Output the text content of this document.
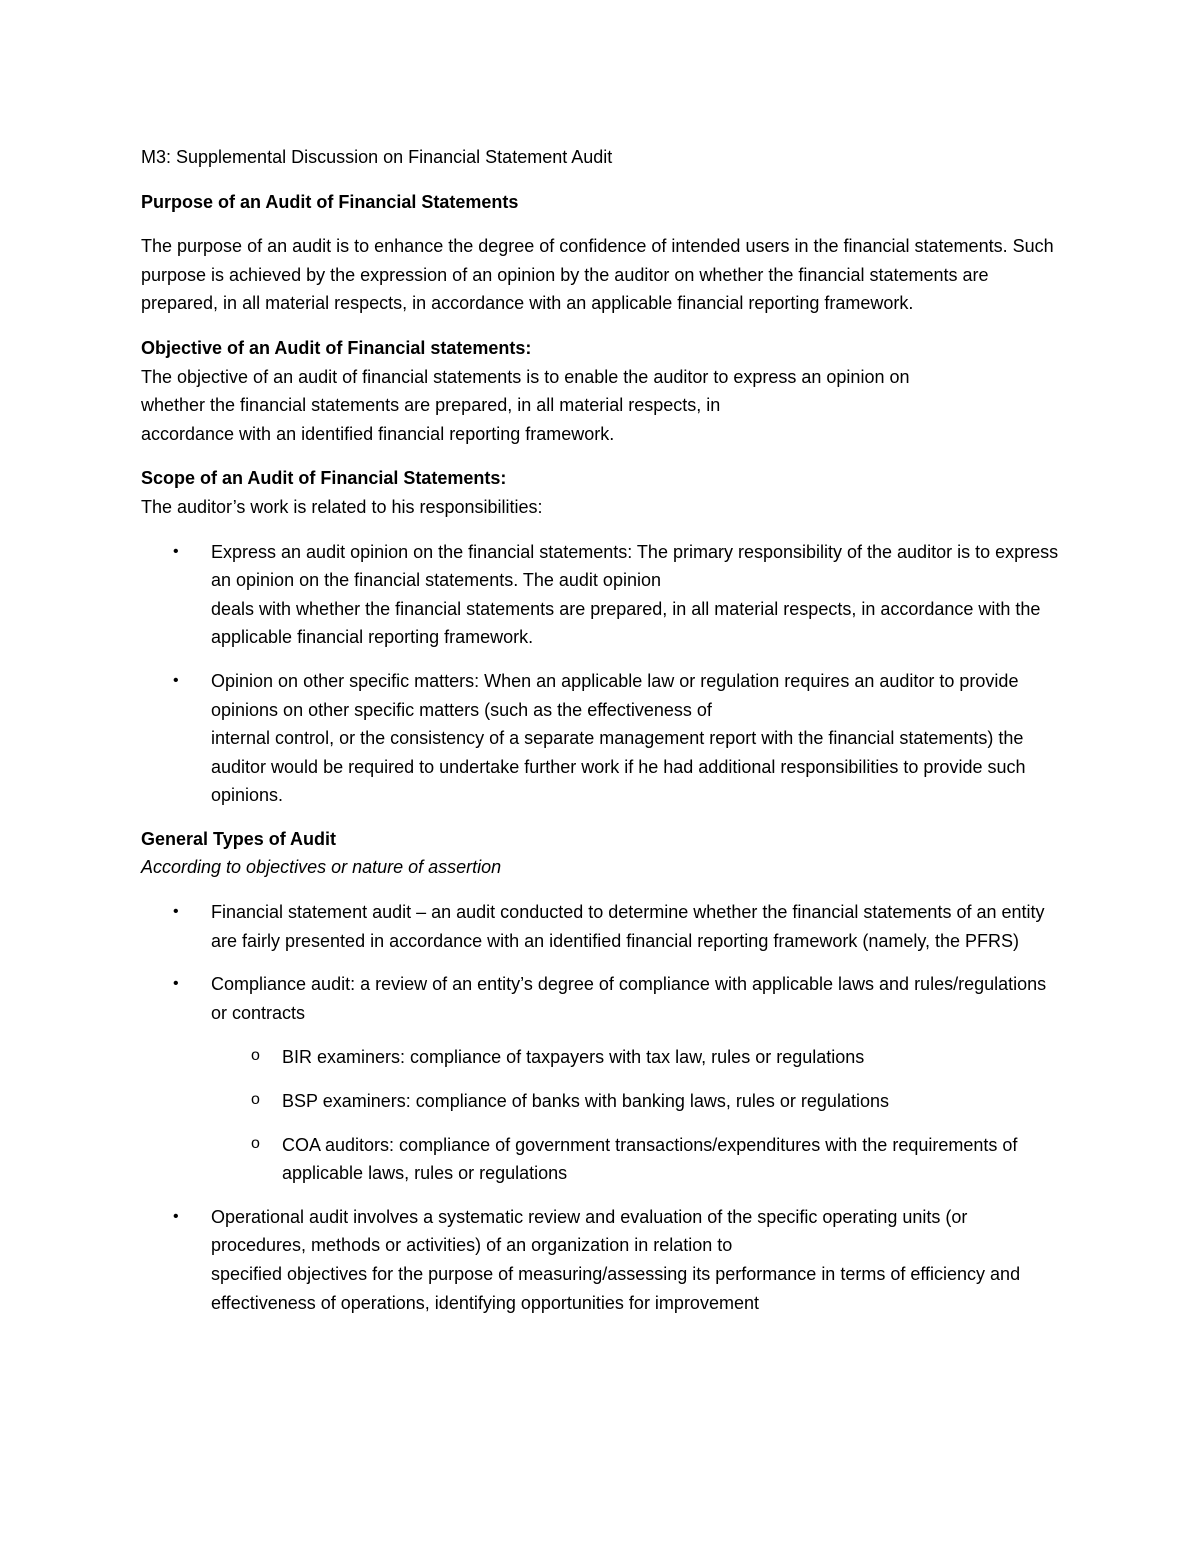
M3: Supplemental Discussion on Financial Statement Audit

Purpose of an Audit of Financial Statements

The purpose of an audit is to enhance the degree of confidence of intended users in the financial statements. Such purpose is achieved by the expression of an opinion by the auditor on whether the financial statements are prepared, in all material respects, in accordance with an applicable financial reporting framework.

Objective of an Audit of Financial statements:

The objective of an audit of financial statements is to enable the auditor to express an opinion on

whether the financial statements are prepared, in all material respects, in

accordance with an identified financial reporting framework.

Scope of an Audit of Financial Statements:

The auditor’s work is related to his responsibilities:

• Express an audit opinion on the financial statements: The primary responsibility of the auditor is to express an opinion on the financial statements. The audit opinion
deals with whether the financial statements are prepared, in all material respects, in accordance with the applicable financial reporting framework.
• Opinion on other specific matters: When an applicable law or regulation requires an auditor to provide opinions on other specific matters (such as the effectiveness of
internal control, or the consistency of a separate management report with the financial statements) the auditor would be required to undertake further work if he had additional responsibilities to provide such opinions.

General Types of Audit

According to objectives or nature of assertion

• Financial statement audit – an audit conducted to determine whether the financial statements of an entity are fairly presented in accordance with an identified financial reporting framework (namely, the PFRS)
• Compliance audit: a review of an entity’s degree of compliance with applicable laws and rules/regulations or contracts
o BIR examiners: compliance of taxpayers with tax law, rules or regulations
o BSP examiners: compliance of banks with banking laws, rules or regulations
o COA auditors: compliance of government transactions/expenditures with the requirements of applicable laws, rules or regulations
• Operational audit involves a systematic review and evaluation of the specific operating units (or procedures, methods or activities) of an organization in relation to
specified objectives for the purpose of measuring/assessing its performance in terms of efficiency and effectiveness of operations, identifying opportunities for improvement
